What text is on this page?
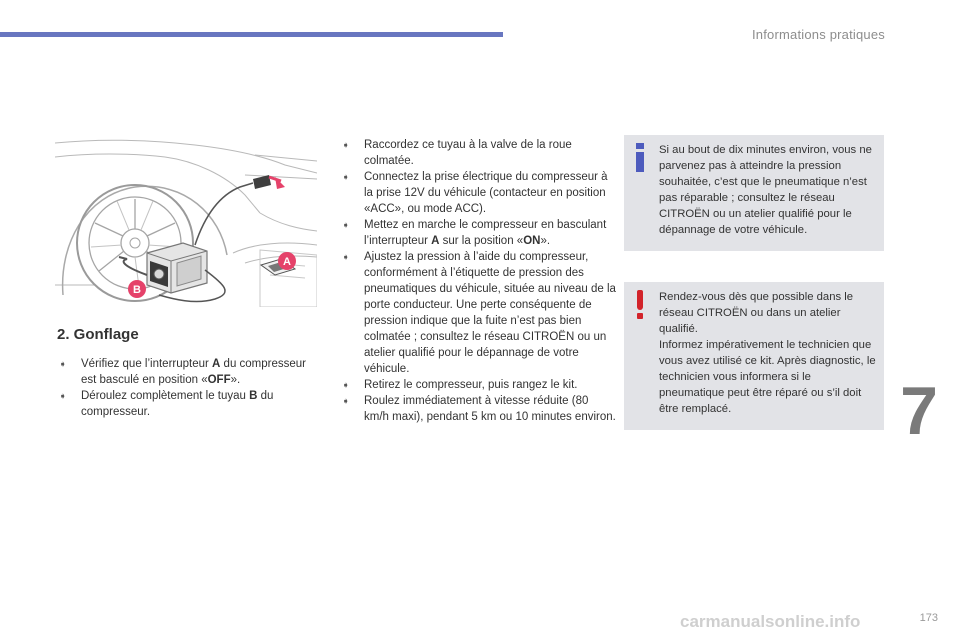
Informations pratiques
A
B
2. Gonflage
➧ Vérifiez que l’interrupteur A du compresseur est basculé en position «OFF».
➧ Déroulez complètement le tuyau B du compresseur.
➧ Raccordez ce tuyau à la valve de la roue colmatée.
➧ Connectez la prise électrique du compresseur à la prise 12V du véhicule (contacteur en position «ACC», ou mode ACC).
➧ Mettez en marche le compresseur en basculant l’interrupteur A sur la position «ON».
➧ Ajustez la pression à l’aide du compresseur, conformément à l’étiquette de pression des pneumatiques du véhicule, située au niveau de la porte conducteur. Une perte conséquente de pression indique que la fuite n’est pas bien colmatée ; consultez le réseau CITROËN ou un atelier qualifié pour le dépannage de votre véhicule.
➧ Retirez le compresseur, puis rangez le kit.
➧ Roulez immédiatement à vitesse réduite (80 km/h maxi), pendant 5 km ou 10 minutes environ.
Si au bout de dix minutes environ, vous ne parvenez pas à atteindre la pression souhaitée, c’est que le pneumatique n’est pas réparable ; consultez le réseau CITROËN ou un atelier qualifié pour le dépannage de votre véhicule.
Rendez-vous dès que possible dans le réseau CITROËN ou dans un atelier qualifié.
Informez impérativement le technicien que vous avez utilisé ce kit. Après diagnostic, le technicien vous informera si le pneumatique peut être réparé ou s’il doit être remplacé.	7
173
carmanualsonline.info
